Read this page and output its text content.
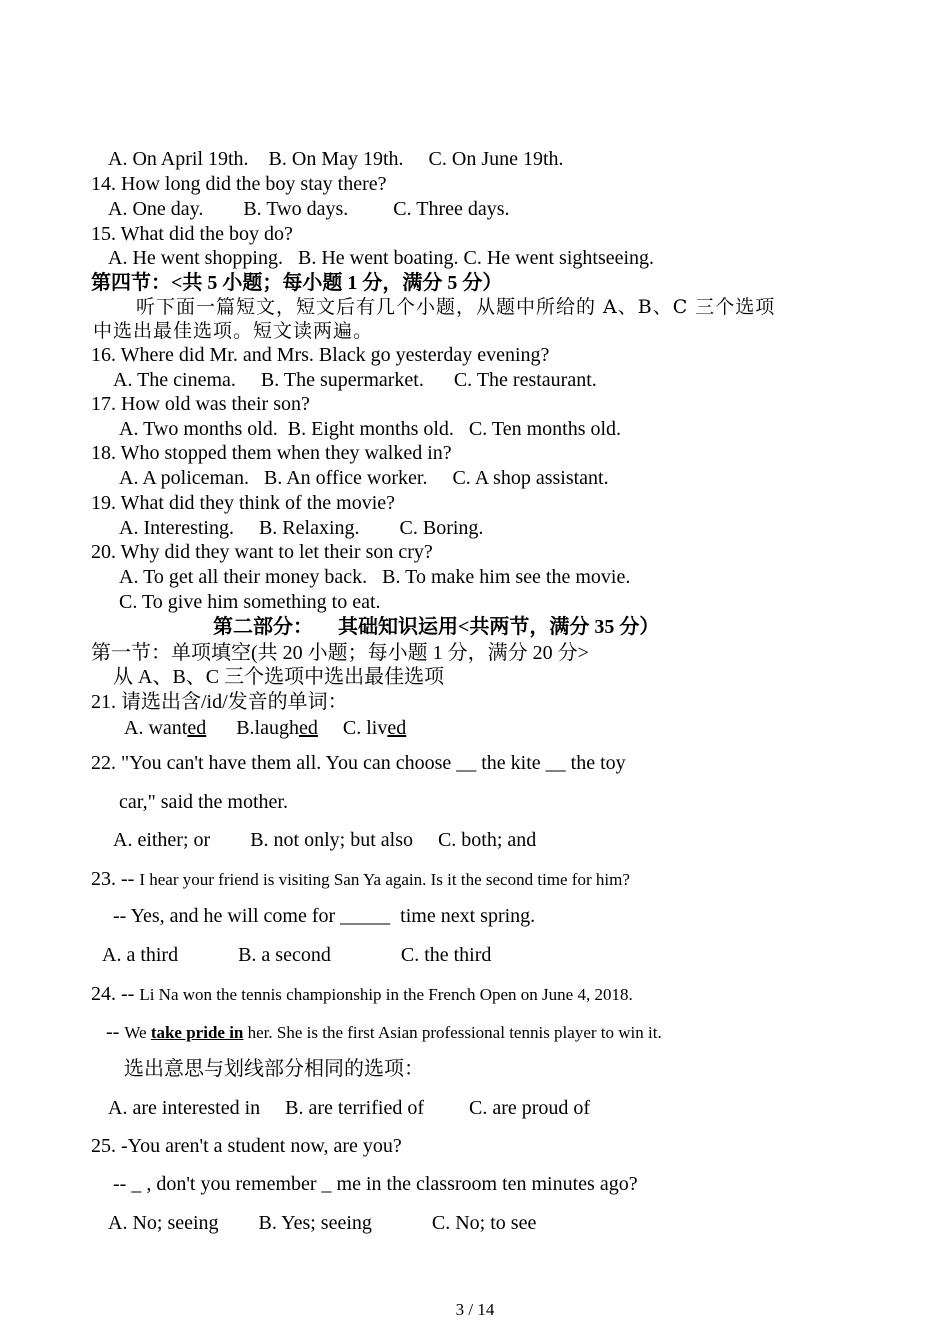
A. On April 19th.    B. On May 19th.     C. On June 19th.
14. How long did the boy stay there?
A. One day.        B. Two days.         C. Three days.
15. What did the boy do?
A. He went shopping.   B. He went boating. C. He went sightseeing.
第四节：<共 5 小题；每小题 1 分，满分 5 分）
听下面一篇短文，短文后有几个小题，从题中所给的 A、B、C 三个选项
中选出最佳选项。短文读两遍。
16. Where did Mr. and Mrs. Black go yesterday evening?
A. The cinema.     B. The supermarket.      C. The restaurant.
17. How old was their son?
A. Two months old.  B. Eight months old.   C. Ten months old.
18. Who stopped them when they walked in?
A. A policeman.   B. An office worker.     C. A shop assistant.
19. What did they think of the movie?
A. Interesting.     B. Relaxing.        C. Boring.
20. Why did they want to let their son cry?
A. To get all their money back.   B. To make him see the movie.
C. To give him something to eat.
第二部分：     其础知识运用<共两节，满分 35 分）
第一节：单项填空(共 20 小题；每小题 1 分，满分 20 分>
从 A、B、C 三个选项中选出最佳选项
21. 请选出含/id/发音的单词：
22. "You can't have them all. You can choose __ the kite __ the toy
car," said the mother.
A. either; or        B. not only; but also     C. both; and
-- Yes, and he will come for _____  time next spring.
A. a third            B. a second              C. the third
选出意思与划线部分相同的选项：
A. are interested in     B. are terrified of         C. are proud of
25. -You aren't a student now, are you?
-- _ , don't you remember _ me in the classroom ten minutes ago?
A. No; seeing        B. Yes; seeing            C. No; to see
A. wanted B.laughed C. lived
23. -- I hear your friend is visiting San Ya again. Is it the second time for him?
24. -- Li Na won the tennis championship in the French Open on June 4, 2018.
-- We take pride in her. She is the first Asian professional tennis player to win it.
3 / 14
